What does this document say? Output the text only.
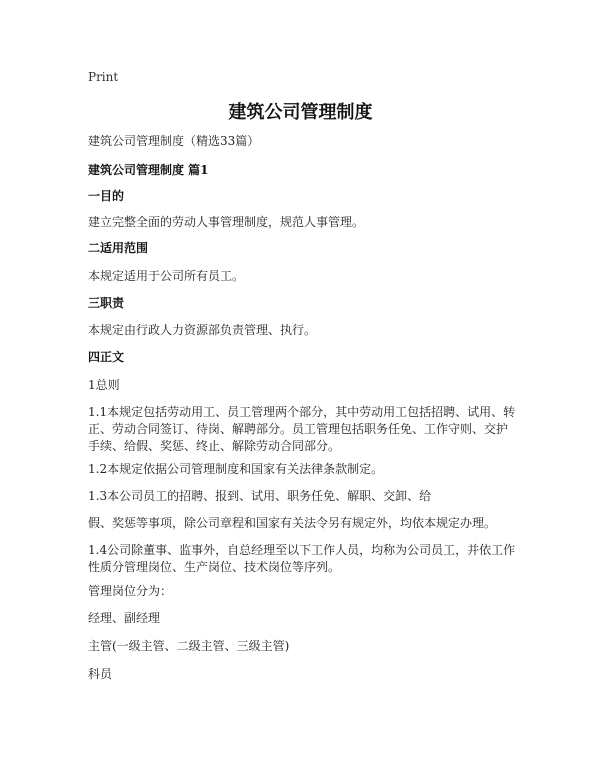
Print
建筑公司管理制度
建筑公司管理制度（精选33篇）
建筑公司管理制度 篇1
一目的
建立完整全面的劳动人事管理制度，规范人事管理。
二适用范围
本规定适用于公司所有员工。
三职责
本规定由行政人力资源部负责管理、执行。
四正文
1总则
1.1本规定包括劳动用工、员工管理两个部分，其中劳动用工包括招聘、试用、转正、劳动合同签订、待岗、解聘部分。员工管理包括职务任免、工作守则、交护手续、给假、奖惩、终止、解除劳动合同部分。
1.2本规定依据公司管理制度和国家有关法律条款制定。
1.3本公司员工的招聘、报到、试用、职务任免、解职、交卸、给
假、奖惩等事项，除公司章程和国家有关法令另有规定外，均依本规定办理。
1.4公司除董事、监事外，自总经理至以下工作人员，均称为公司员工，并依工作性质分管理岗位、生产岗位、技术岗位等序列。
管理岗位分为：
经理、副经理
主管(一级主管、二级主管、三级主管)
科员
